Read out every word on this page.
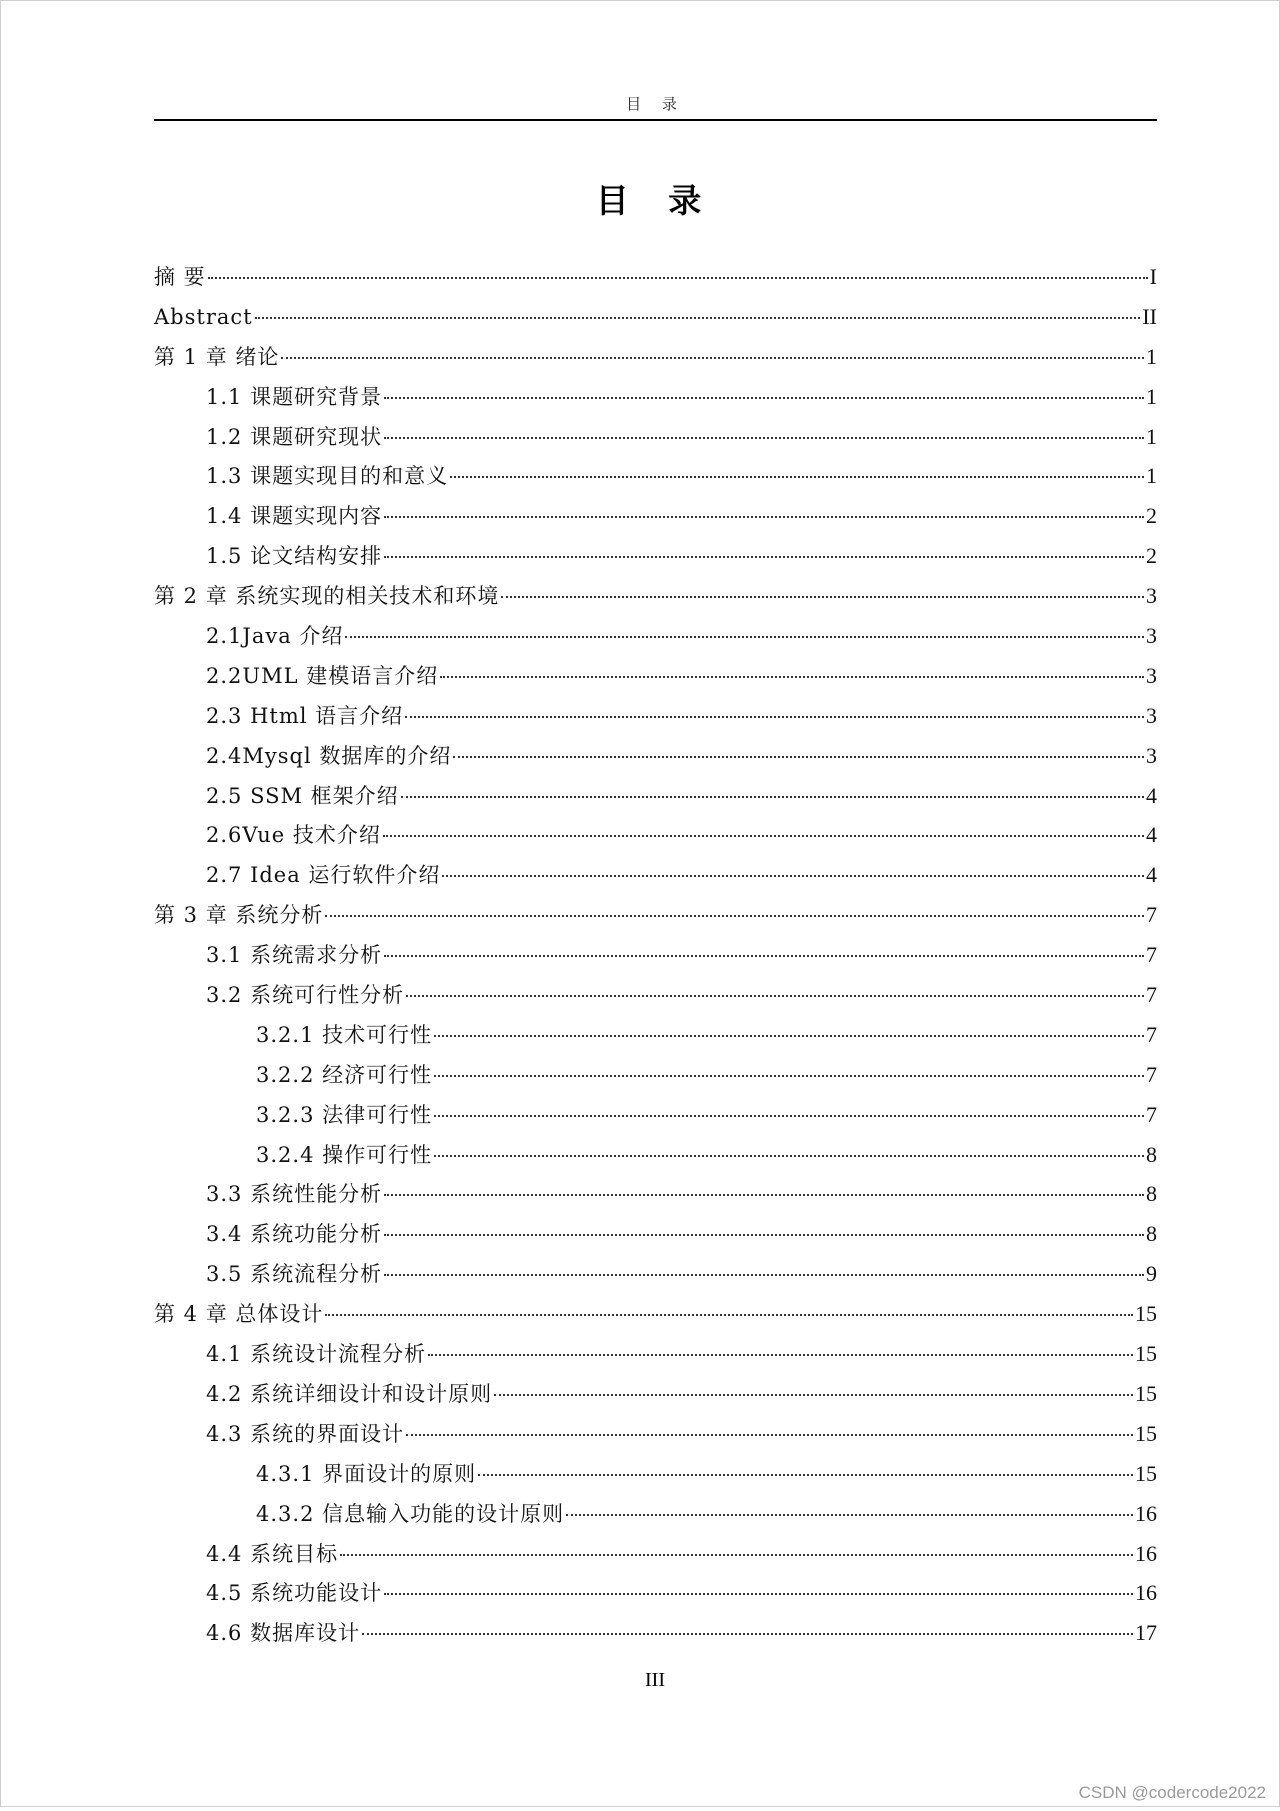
目 录
目 录
摘 要	I
Abstract	II
第 1 章 绪论	1
1.1 课题研究背景	1
1.2 课题研究现状	1
1.3 课题实现目的和意义	1
1.4 课题实现内容	2
1.5 论文结构安排	2
第 2 章 系统实现的相关技术和环境	3
2.1Java 介绍	3
2.2UML 建模语言介绍	3
2.3 Html 语言介绍	3
2.4Mysql 数据库的介绍	3
2.5 SSM 框架介绍	4
2.6Vue 技术介绍	4
2.7 Idea 运行软件介绍	4
第 3 章 系统分析	7
3.1 系统需求分析	7
3.2 系统可行性分析	7
3.2.1 技术可行性	7
3.2.2 经济可行性	7
3.2.3 法律可行性	7
3.2.4 操作可行性	8
3.3 系统性能分析	8
3.4 系统功能分析	8
3.5 系统流程分析	9
第 4 章 总体设计	15
4.1 系统设计流程分析	15
4.2 系统详细设计和设计原则	15
4.3 系统的界面设计	15
4.3.1 界面设计的原则	15
4.3.2 信息输入功能的设计原则	16
4.4 系统目标	16
4.5 系统功能设计	16
4.6 数据库设计	17
III
CSDN @codercode2022
